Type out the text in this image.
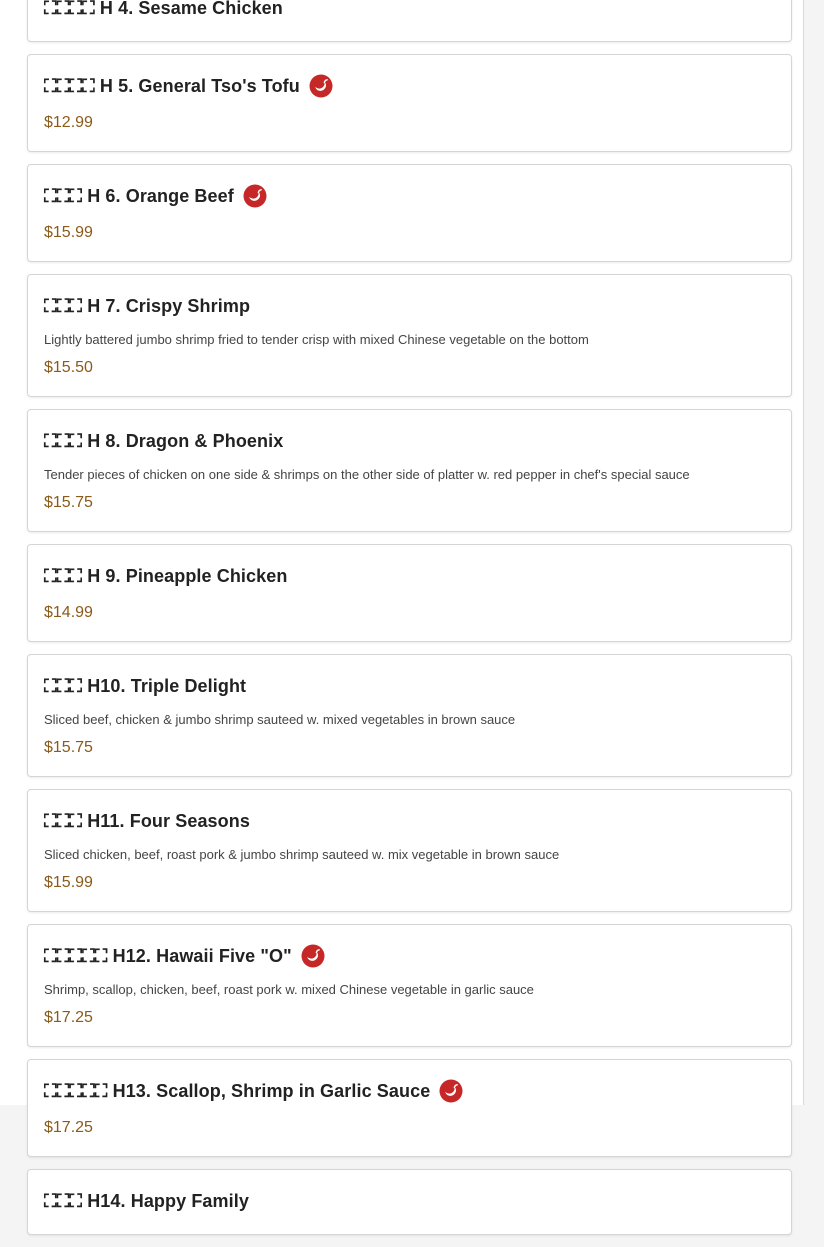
⛶⛶⛶⛶ H 4. Sesame Chicken
⛶⛶⛶⛶ H 5. General Tso's Tofu
$12.99
⛶⛶⛶ H 6. Orange Beef
$15.99
⛶⛶⛶ H 7. Crispy Shrimp
Lightly battered jumbo shrimp fried to tender crisp with mixed Chinese vegetable on the bottom
$15.50
⛶⛶⛶ H 8. Dragon & Phoenix
Tender pieces of chicken on one side & shrimps on the other side of platter w. red pepper in chef's special sauce
$15.75
⛶⛶⛶ H 9. Pineapple Chicken
$14.99
⛶⛶⛶ H10. Triple Delight
Sliced beef, chicken & jumbo shrimp sauteed w. mixed vegetables in brown sauce
$15.75
⛶⛶⛶ H11. Four Seasons
Sliced chicken, beef, roast pork & jumbo shrimp sauteed w. mix vegetable in brown sauce
$15.99
⛶⛶⛶⛶⛶ H12. Hawaii Five "O"
Shrimp, scallop, chicken, beef, roast pork w. mixed Chinese vegetable in garlic sauce
$17.25
⛶⛶⛶⛶⛶ H13. Scallop, Shrimp in Garlic Sauce
$17.25
⛶⛶⛶ H14. Happy Family
